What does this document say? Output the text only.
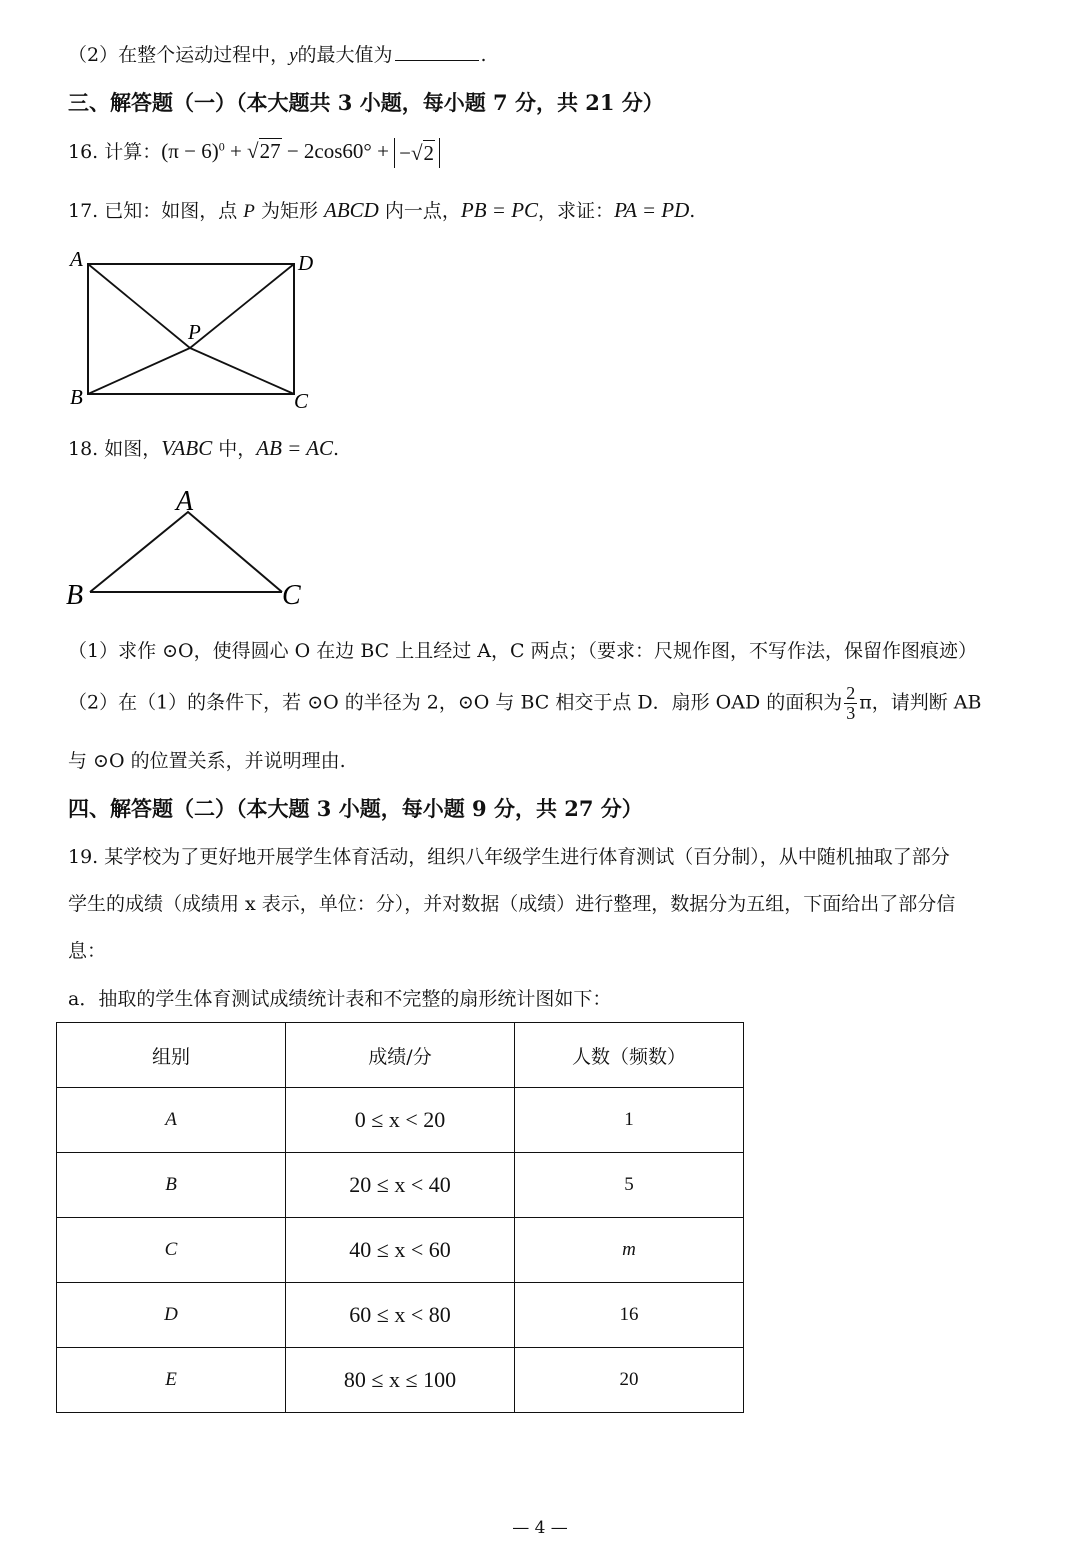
（2）在整个运动过程中，y的最大值为	.
三、解答题（一）（本大题共 3 小题，每小题 7 分，共 21 分）
16. 计算：$(\pi - 6)^0 + √27 - 2\cos 60^\circ + -√2$
17. 已知：如图，点 P 为矩形 ABCD 内一点，PB = PC，求证：PA = PD.
A	D
P
B	C
18. 如图，VABC 中，AB = AC.
A
B	C
（1）求作 ⊙O，使得圆心 O 在边 BC 上且经过 A，C 两点；（要求：尺规作图，不写作法，保留作图痕迹）
（2）在（1）的条件下，若 ⊙O 的半径为 2，⊙O 与 BC 相交于点 D．扇形 OAD 的面积为 $\frac{2}{3}$ π，请判断 AB
与 ⊙O 的位置关系，并说明理由.
四、解答题（二）（本大题 3 小题，每小题 9 分，共 27 分）
19. 某学校为了更好地开展学生体育活动，组织八年级学生进行体育测试（百分制），从中随机抽取了部分
学生的成绩（成绩用 x 表示，单位：分），并对数据（成绩）进行整理，数据分为五组，下面给出了部分信
息：
a．抽取的学生体育测试成绩统计表和不完整的扇形统计图如下：
组别	成绩/分	人数（频数）
A	0 ≤ x < 20	1
B	20 ≤ x < 40	5
C	40 ≤ x < 60	m
D	60 ≤ x < 80	16
E	80 ≤ x ≤ 100	20
— 4 —
